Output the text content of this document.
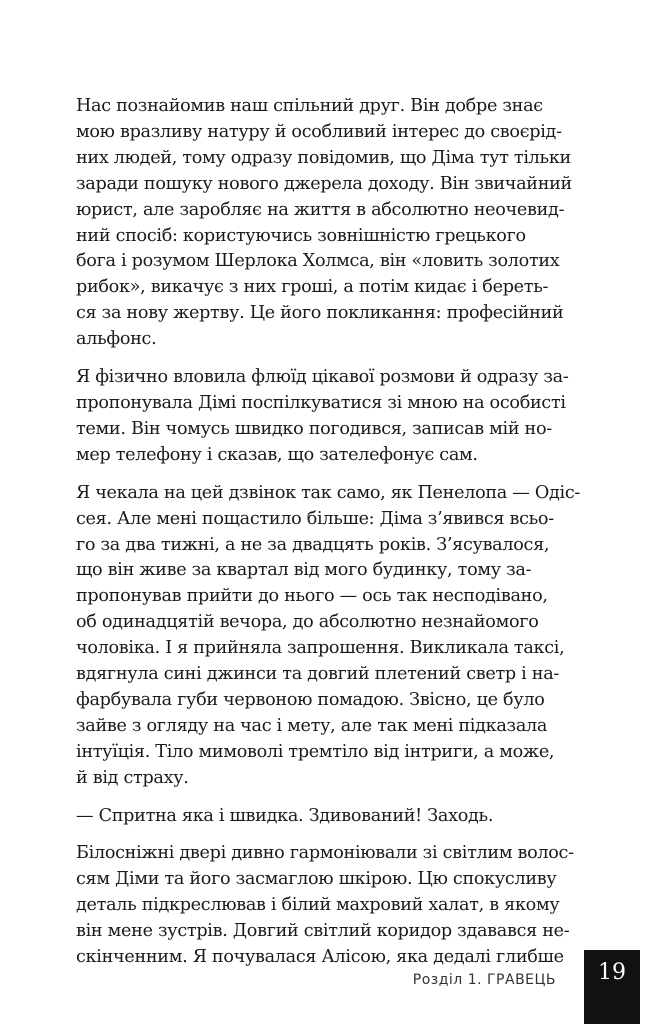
Нас познайомив наш спільний друг. Він добре знає
мою вразливу натуру й особливий інтерес до своєрід-
них людей, тому одразу повідомив, що Діма тут тільки
заради пошуку нового джерела доходу. Він звичайний
юрист, але заробляє на життя в абсолютно неочевид-
ний спосіб: користуючись зовнішністю грецького
бога і розумом Шерлока Холмса, він «ловить золотих
рибок», викачує з них гроші, а потім кидає і береть-
ся за нову жертву. Це його покликання: професійний
альфонс.

Я фізично вловила флюїд цікавої розмови й одразу за-
пропонувала Дімі поспілкуватися зі мною на особисті
теми. Він чомусь швидко погодився, записав мій но-
мер телефону і сказав, що зателефонує сам.

Я чекала на цей дзвінок так само, як Пенелопа — Одіс-
сея. Але мені пощастило більше: Діма з’явився всьо-
го за два тижні, а не за двадцять років. З’ясувалося,
що він живе за квартал від мого будинку, тому за-
пропонував прийти до нього — ось так несподівано,
об одинадцятій вечора, до абсолютно незнайомого
чоловіка. І я прийняла запрошення. Викликала таксі,
вдягнула сині джинси та довгий плетений светр і на-
фарбувала губи червоною помадою. Звісно, це було
зайве з огляду на час і мету, але так мені підказала
інтуїція. Тіло мимоволі тремтіло від інтриги, а може,
й від страху.

— Спритна яка і швидка. Здивований! Заходь.

Білосніжні двері дивно гармоніювали зі світлим волос-
сям Діми та його засмаглою шкірою. Цю спокусливу
деталь підкреслював і білий махровий халат, в якому
він мене зустрів. Довгий світлий коридор здавався не-
скінченним. Я почувалася Алісою, яка дедалі глибше

Розділ 1. ГРАВЕЦЬ	19
